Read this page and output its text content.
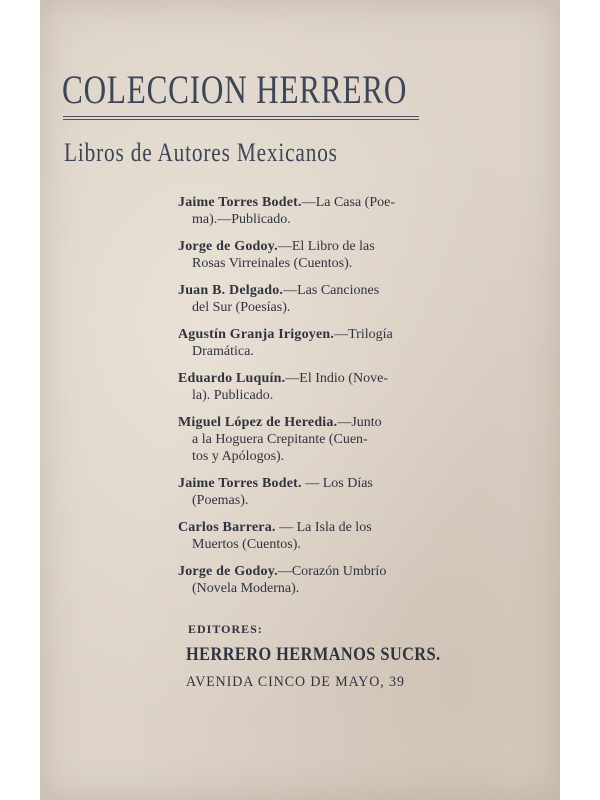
COLECCION HERRERO
Libros de Autores Mexicanos
Jaime Torres Bodet.—La Casa (Poe-
ma).—Publicado.
Jorge de Godoy.—El Libro de las
Rosas Virreinales (Cuentos).
Juan B. Delgado.—Las Canciones
del Sur (Poesías).
Agustín Granja Irigoyen.—Trilogía
Dramática.
Eduardo Luquín.—El Indio (Nove-
la). Publicado.
Miguel López de Heredia.—Junto
a la Hoguera Crepitante (Cuen-
tos y Apólogos).
Jaime Torres Bodet. — Los Días
(Poemas).
Carlos Barrera. — La Isla de los
Muertos (Cuentos).
Jorge de Godoy.—Corazón Umbrío
(Novela Moderna).
EDITORES:
HERRERO HERMANOS SUCRS.
AVENIDA CINCO DE MAYO, 39
